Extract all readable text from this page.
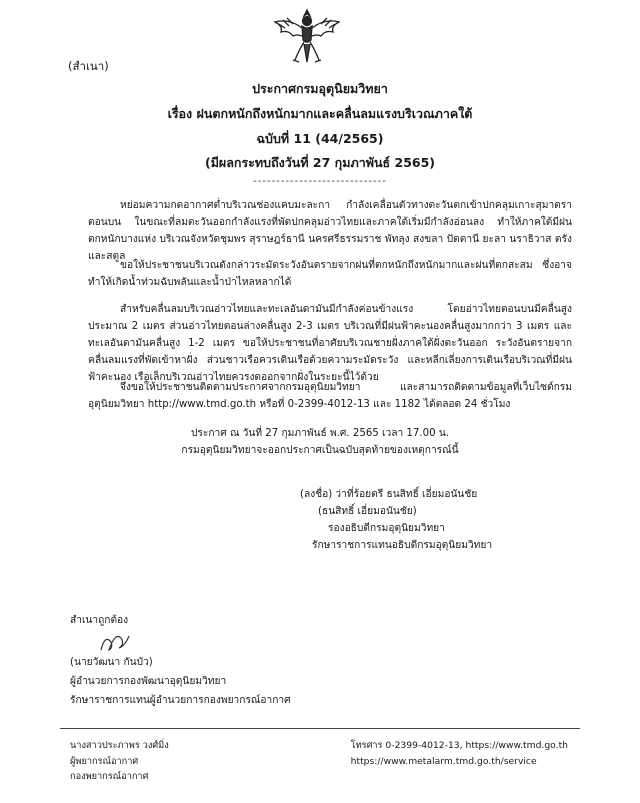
(สำเนา)
ประกาศกรมอุตุนิยมวิทยา
เรื่อง ฝนตกหนักถึงหนักมากและคลื่นลมแรงบริเวณภาคใต้
ฉบับที่ 11 (44/2565)
(มีผลกระทบถึงวันที่ 27 กุมภาพันธ์ 2565)
-----------------------------

หย่อมความกดอากาศต่ำบริเวณช่องแคบมะละกา กำลังเคลื่อนตัวทางตะวันตกเข้าปกคลุมเกาะสุมาตราตอนบน ในขณะที่ลมตะวันออกกำลังแรงที่พัดปกคลุมอ่าวไทยและภาคใต้เริ่มมีกำลังอ่อนลง ทำให้ภาคใต้มีฝนตกหนักบางแห่ง บริเวณจังหวัดชุมพร สุราษฎร์ธานี นครศรีธรรมราช พัทลุง สงขลา ปัตตานี ยะลา นราธิวาส ตรัง และสตูล

ขอให้ประชาชนบริเวณดังกล่าวระมัดระวังอันตรายจากฝนที่ตกหนักถึงหนักมากและฝนที่ตกสะสม ซึ่งอาจทำให้เกิดน้ำท่วมฉับพลันและน้ำป่าไหลหลากได้

สำหรับคลื่นลมบริเวณอ่าวไทยและทะเลอันดามันมีกำลังค่อนข้างแรง โดยอ่าวไทยตอนบนมีคลื่นสูงประมาณ 2 เมตร ส่วนอ่าวไทยตอนล่างคลื่นสูง 2-3 เมตร บริเวณที่มีฝนฟ้าคะนองคลื่นสูงมากกว่า 3 เมตร และทะเลอันดามันคลื่นสูง 1-2 เมตร ขอให้ประชาชนที่อาศัยบริเวณชายฝั่งภาคใต้ฝั่งตะวันออก ระวังอันตรายจากคลื่นลมแรงที่พัดเข้าหาฝั่ง ส่วนชาวเรือควรเดินเรือด้วยความระมัดระวัง และหลีกเลี่ยงการเดินเรือบริเวณที่มีฝนฟ้าคะนอง เรือเล็กบริเวณอ่าวไทยควรงดออกจากฝั่งในระยะนี้ไว้ด้วย

จึงขอให้ประชาชนติดตามประกาศจากกรมอุตุนิยมวิทยา และสามารถติดตามข้อมูลที่เว็บไซต์กรมอุตุนิยมวิทยา http://www.tmd.go.th หรือที่ 0-2399-4012-13 และ 1182 ได้ตลอด 24 ชั่วโมง

ประกาศ ณ วันที่ 27 กุมภาพันธ์ พ.ศ. 2565 เวลา 17.00 น.
กรมอุตุนิยมวิทยาจะออกประกาศเป็นฉบับสุดท้ายของเหตุการณ์นี้
(ลงชื่อ) ว่าที่ร้อยตรี ธนสิทธิ์ เอี่ยมอนันชัย
(ธนสิทธิ์ เอี่ยมอนันชัย)
รองอธิบดีกรมอุตุนิยมวิทยา
รักษาราชการแทนอธิบดีกรมอุตุนิยมวิทยา
สำเนาถูกต้อง
(นายวัฒนา กันบัว)
ผู้อำนวยการกองพัฒนาอุตุนิยมวิทยา
รักษาราชการแทนผู้อำนวยการกองพยากรณ์อากาศ
นางสาวประภาพร วงศ์มิ่ง
ผู้พยากรณ์อากาศ
กองพยากรณ์อากาศ
โทรศาร 0-2399-4012-13, https://www.tmd.go.th
https://www.metalarm.tmd.go.th/service
